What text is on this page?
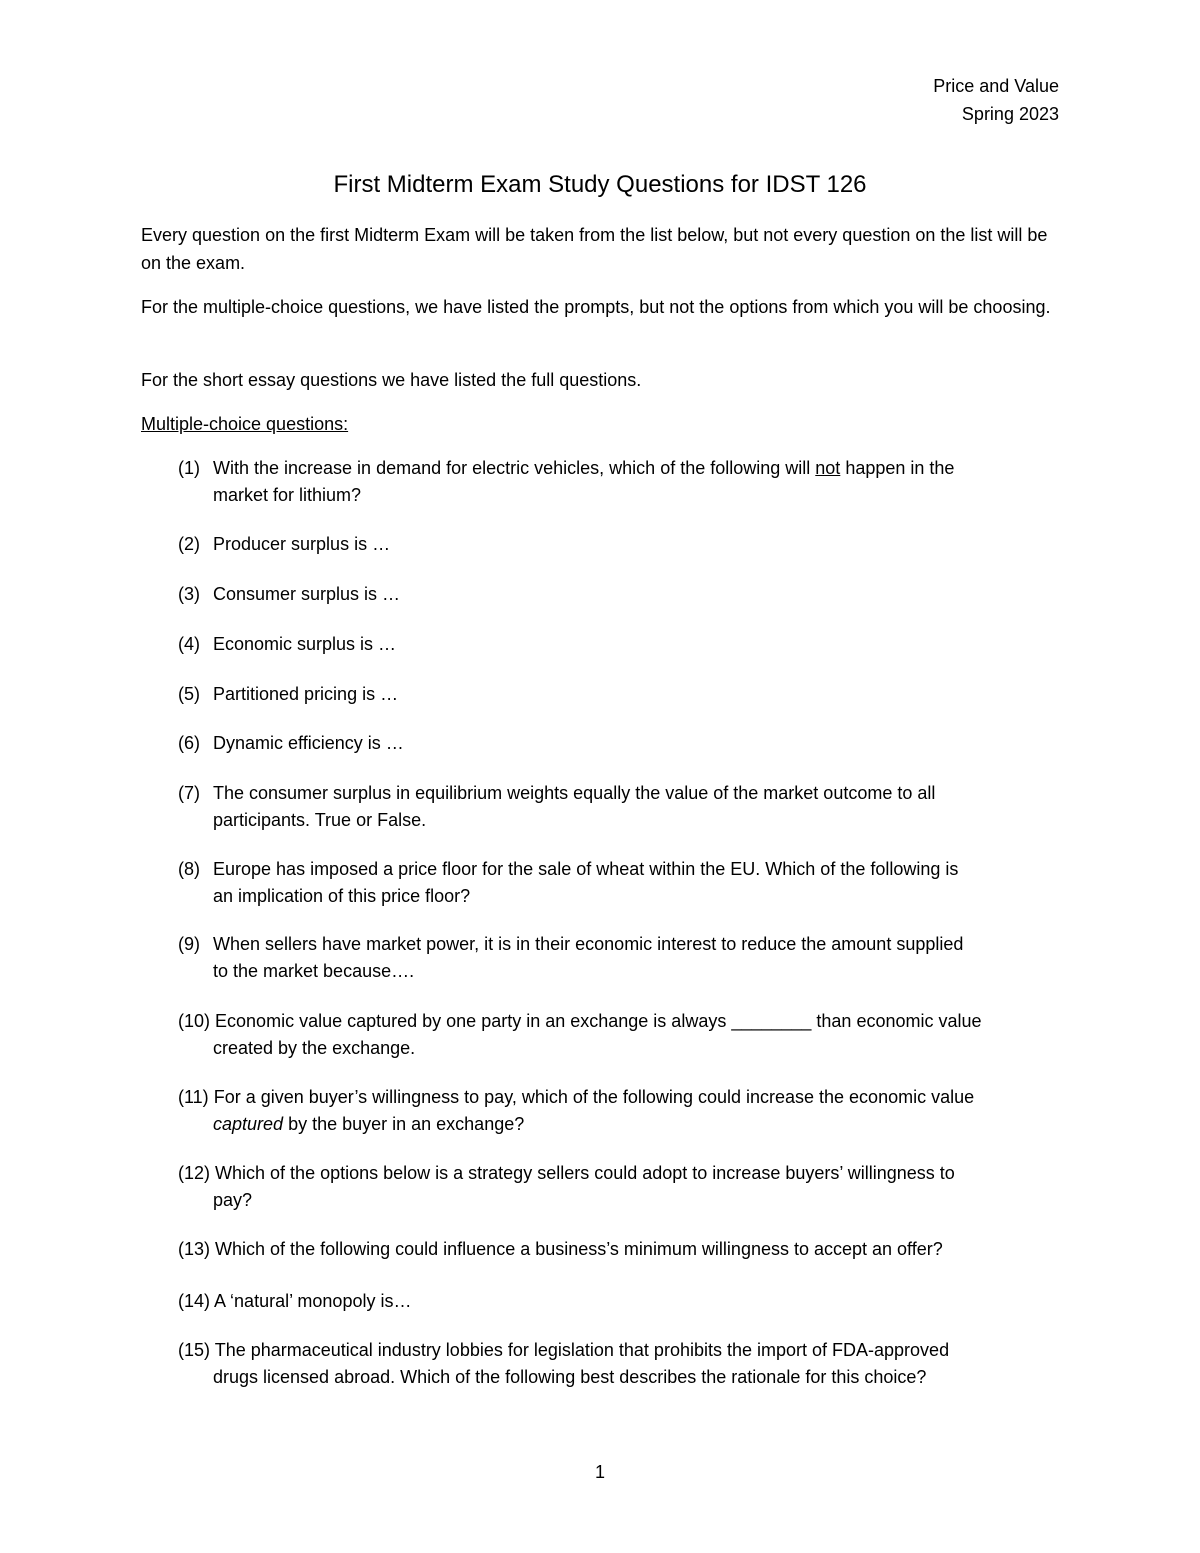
Price and Value
Spring 2023
First Midterm Exam Study Questions for IDST 126
Every question on the first Midterm Exam will be taken from the list below, but not every question on the list will be on the exam.
For the multiple-choice questions, we have listed the prompts, but not the options from which you will be choosing.
For the short essay questions we have listed the full questions.
Multiple-choice questions:
(1) With the increase in demand for electric vehicles, which of the following will not happen in the
market for lithium?
(2) Producer surplus is …
(3) Consumer surplus is …
(4) Economic surplus is …
(5) Partitioned pricing is …
(6) Dynamic efficiency is …
(7) The consumer surplus in equilibrium weights equally the value of the market outcome to all
participants. True or False.
(8) Europe has imposed a price floor for the sale of wheat within the EU. Which of the following is
an implication of this price floor?
(9) When sellers have market power, it is in their economic interest to reduce the amount supplied
to the market because….
(10) Economic value captured by one party in an exchange is always ________ than economic value
created by the exchange.
(11) For a given buyer’s willingness to pay, which of the following could increase the economic value
captured by the buyer in an exchange?
(12) Which of the options below is a strategy sellers could adopt to increase buyers’ willingness to
pay?
(13) Which of the following could influence a business’s minimum willingness to accept an offer?
(14) A ‘natural’ monopoly is…
(15) The pharmaceutical industry lobbies for legislation that prohibits the import of FDA-approved
drugs licensed abroad. Which of the following best describes the rationale for this choice?
1
